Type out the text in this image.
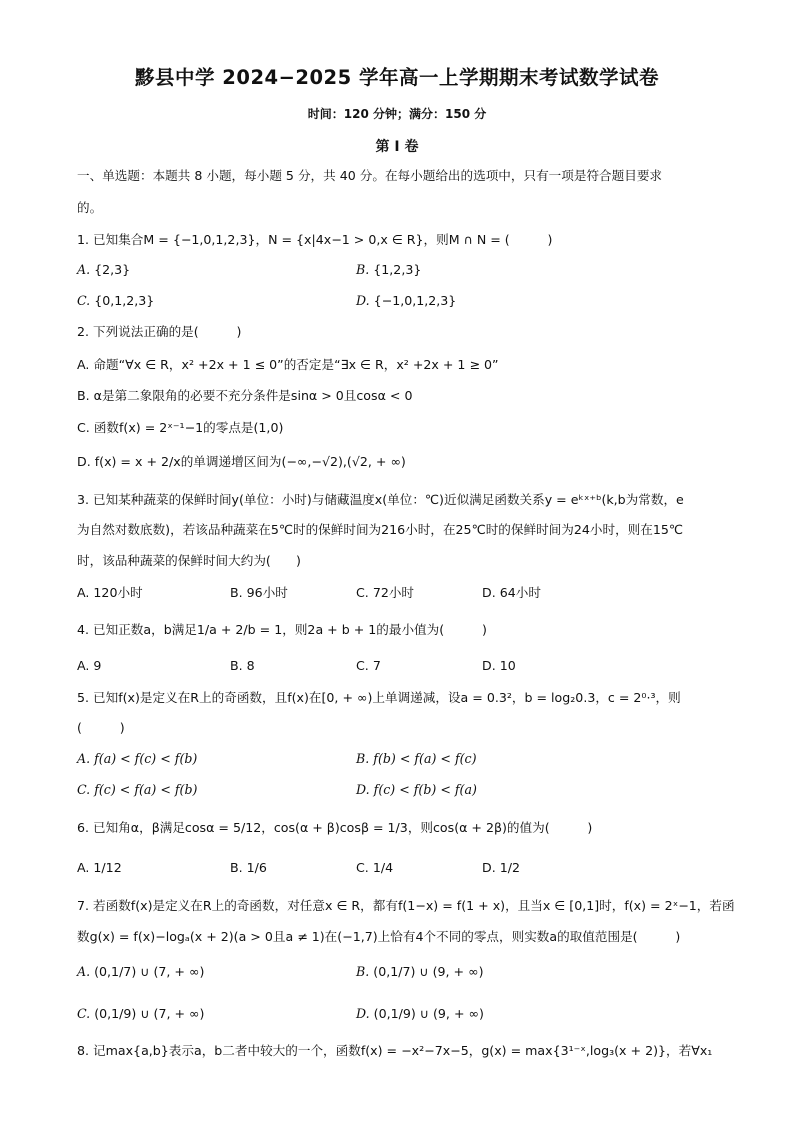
黟县中学 2024−2025 学年高一上学期期末考试数学试卷
时间：120 分钟；满分：150 分
第 I 卷
一、单选题：本题共 8 小题，每小题 5 分，共 40 分。在每小题给出的选项中，只有一项是符合题目要求
的。
1. 已知集合M = {−1,0,1,2,3}，N = {x|4x−1 > 0,x ∈ R}，则M ∩ N = (　　　)
A. {2,3}	B. {1,2,3}
C. {0,1,2,3}	D. {−1,0,1,2,3}
2. 下列说法正确的是(　　　)
A. 命题“∀x ∈ R，x² +2x + 1 ≤ 0”的否定是“∃x ∈ R，x² +2x + 1 ≥ 0”
B. α是第二象限角的必要不充分条件是sinα > 0且cosα < 0
C. 函数f(x) = 2ˣ⁻¹−1的零点是(1,0)
D. f(x) = x + 2/x的单调递增区间为(−∞,−√2),(√2, + ∞)
3. 已知某种蔬菜的保鲜时间y(单位：小时)与储藏温度x(单位：℃)近似满足函数关系y = eᵏˣ⁺ᵇ(k,b为常数，e
为自然对数底数)，若该品种蔬菜在5℃时的保鲜时间为216小时，在25℃时的保鲜时间为24小时，则在15℃
时，该品种蔬菜的保鲜时间大约为(　　)
A. 120小时	B. 96小时	C. 72小时	D. 64小时
4. 已知正数a，b满足1/a + 2/b = 1，则2a + b + 1的最小值为(　　　)
A. 9	B. 8	C. 7	D. 10
5. 已知f(x)是定义在R上的奇函数，且f(x)在[0, + ∞)上单调递减，设a = 0.3²，b = log₂0.3，c = 2⁰·³，则
(　　　)
A. f(a) < f(c) < f(b)	B. f(b) < f(a) < f(c)
C. f(c) < f(a) < f(b)	D. f(c) < f(b) < f(a)
6. 已知角α，β满足cosα = 5/12，cos(α + β)cosβ = 1/3，则cos(α + 2β)的值为(　　　)
A. 1/12	B. 1/6	C. 1/4	D. 1/2
7. 若函数f(x)是定义在R上的奇函数，对任意x ∈ R，都有f(1−x) = f(1 + x)，且当x ∈ [0,1]时，f(x) = 2ˣ−1，若函
数g(x) = f(x)−logₐ(x + 2)(a > 0且a ≠ 1)在(−1,7)上恰有4个不同的零点，则实数a的取值范围是(　　　)
A. (0,1/7) ∪ (7, + ∞)	B. (0,1/7) ∪ (9, + ∞)
C. (0,1/9) ∪ (7, + ∞)	D. (0,1/9) ∪ (9, + ∞)
8. 记max{a,b}表示a，b二者中较大的一个，函数f(x) = −x²−7x−5，g(x) = max{3¹⁻ˣ,log₃(x + 2)}，若∀x₁
